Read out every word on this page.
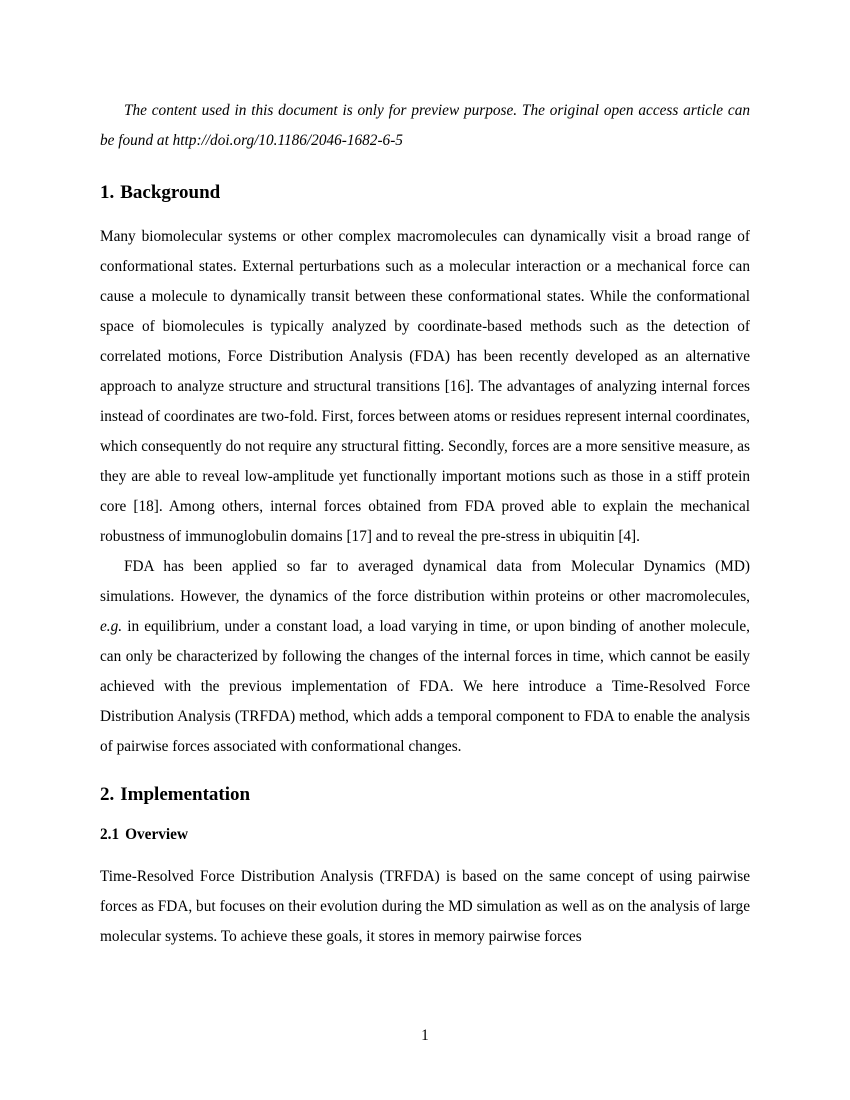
The content used in this document is only for preview purpose. The original open access article can be found at http://doi.org/10.1186/2046-1682-6-5

1. Background

Many biomolecular systems or other complex macromolecules can dynamically visit a broad range of conformational states. External perturbations such as a molecular interaction or a mechanical force can cause a molecule to dynamically transit between these conformational states. While the conformational space of biomolecules is typically analyzed by coordinate-based methods such as the detection of correlated motions, Force Distribution Analysis (FDA) has been recently developed as an alternative approach to analyze structure and structural transitions [16]. The advantages of analyzing internal forces instead of coordinates are two-fold. First, forces between atoms or residues represent internal coordinates, which consequently do not require any structural fitting. Secondly, forces are a more sensitive measure, as they are able to reveal low-amplitude yet functionally important motions such as those in a stiff protein core [18]. Among others, internal forces obtained from FDA proved able to explain the mechanical robustness of immunoglobulin domains [17] and to reveal the pre-stress in ubiquitin [4].

FDA has been applied so far to averaged dynamical data from Molecular Dynamics (MD) simulations. However, the dynamics of the force distribution within proteins or other macromolecules, e.g. in equilibrium, under a constant load, a load varying in time, or upon binding of another molecule, can only be characterized by following the changes of the internal forces in time, which cannot be easily achieved with the previous implementation of FDA. We here introduce a Time-Resolved Force Distribution Analysis (TRFDA) method, which adds a temporal component to FDA to enable the analysis of pairwise forces associated with conformational changes.

2. Implementation
2.1 Overview

Time-Resolved Force Distribution Analysis (TRFDA) is based on the same concept of using pairwise forces as FDA, but focuses on their evolution during the MD simulation as well as on the analysis of large molecular systems. To achieve these goals, it stores in memory pairwise forces

1
